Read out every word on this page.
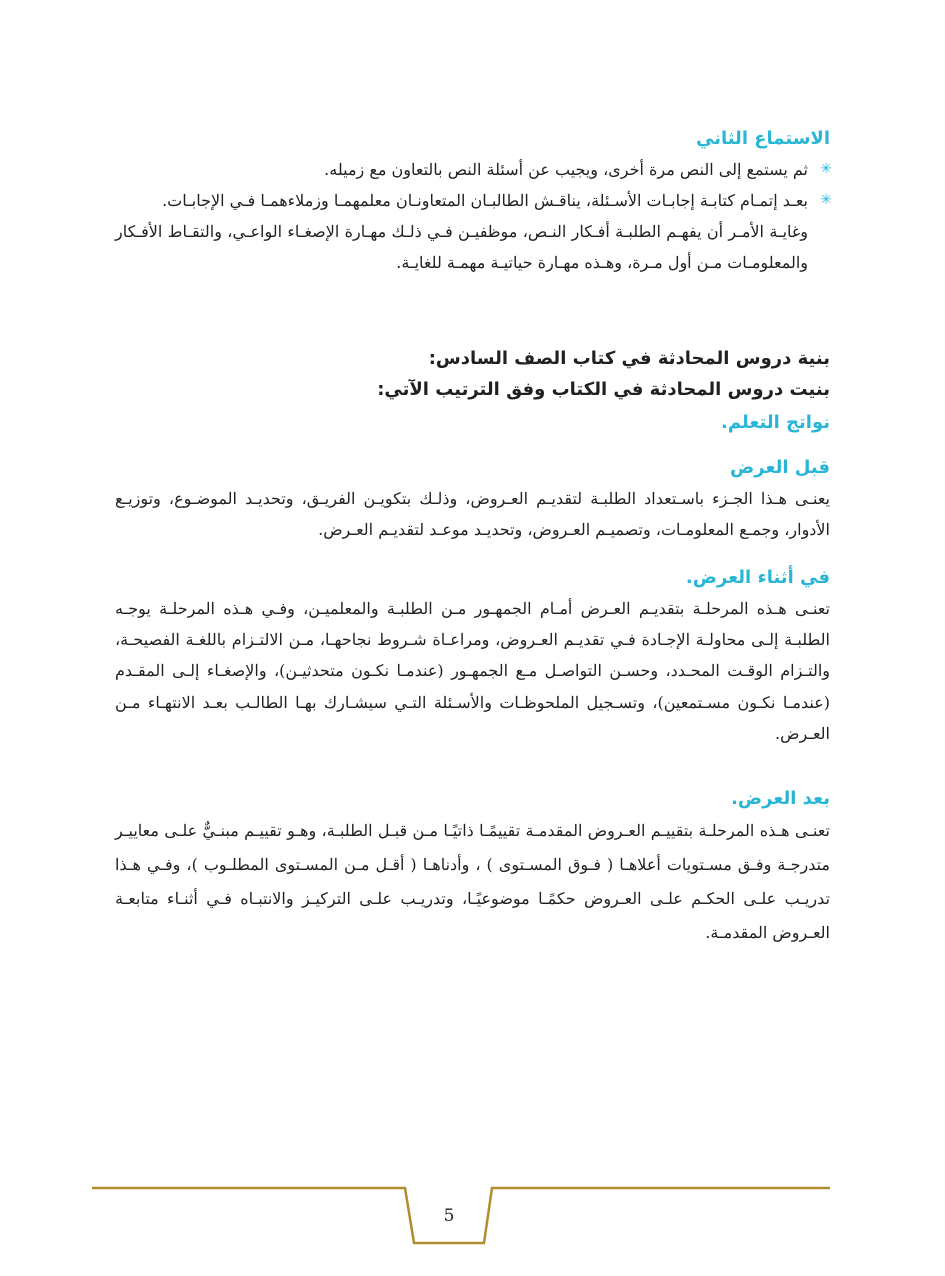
الاستماع الثاني
✳
ثم يستمع إلى النص مرة أخرى، ويجيب عن أسئلة النص بالتعاون مع زميله.
✳
بعـد إتمـام كتابـة إجابـات الأسـئلة، يناقـش الطالبـان المتعاونـان معلمهمـا وزملاءهمـا فـي الإجابـات.

وغايـة الأمـر أن يفهـم الطلبـة أفـكار النـص، موظفيـن فـي ذلـك مهـارة الإصغـاء الواعـي، والتقـاط الأفـكار والمعلومـات مـن أول مـرة، وهـذه مهـارة حياتيـة مهمـة للغايـة.

بنية دروس المحادثة في كتاب الصف السادس:
بنيت دروس المحادثة في الكتاب وفق الترتيب الآتي:
نواتج التعلم.
قبل العرض

يعنـى هـذا الجـزء باسـتعداد الطلبـة لتقديـم العـروض، وذلـك بتكويـن الفريـق، وتحديـد الموضـوع، وتوزيـع الأدوار، وجمـع المعلومـات، وتصميـم العـروض، وتحديـد موعـد لتقديـم العـرض.

في أثناء العرض.

تعنـى هـذه المرحلـة بتقديـم العـرض أمـام الجمهـور مـن الطلبـة والمعلميـن، وفـي هـذه المرحلـة يوجـه الطلبـة إلـى محاولـة الإجـادة فـي تقديـم العـروض، ومراعـاة شـروط نجاحهـا، مـن الالتـزام باللغـة الفصيحـة، والتـزام الوقـت المحـدد، وحسـن التواصـل مـع الجمهـور (عندمـا نكـون متحدثيـن)، والإصغـاء إلـى المقـدم (عندمـا نكـون مسـتمعين)، وتسـجيل الملحوظـات والأسـئلة التـي سيشـارك بهـا الطالـب بعـد الانتهـاء مـن العـرض.

بعد العرض.

تعنـى هـذه المرحلـة بتقييـم العـروض المقدمـة تقييمًـا ذاتيًـا مـن قبـل الطلبـة، وهـو تقييـم مبنـيٌّ علـى معاييـر متدرجـة وفـق مسـتويات أعلاهـا ( فـوق المسـتوى ) ، وأدناهـا ( أقـل مـن المسـتوى المطلـوب )، وفـي هـذا تدريـب علـى الحكـم علـى العـروض حكمًـا موضوعيًـا، وتدريـب علـى التركيـز والانتبـاه فـي أثنـاء متابعـة العـروض المقدمـة.

5
